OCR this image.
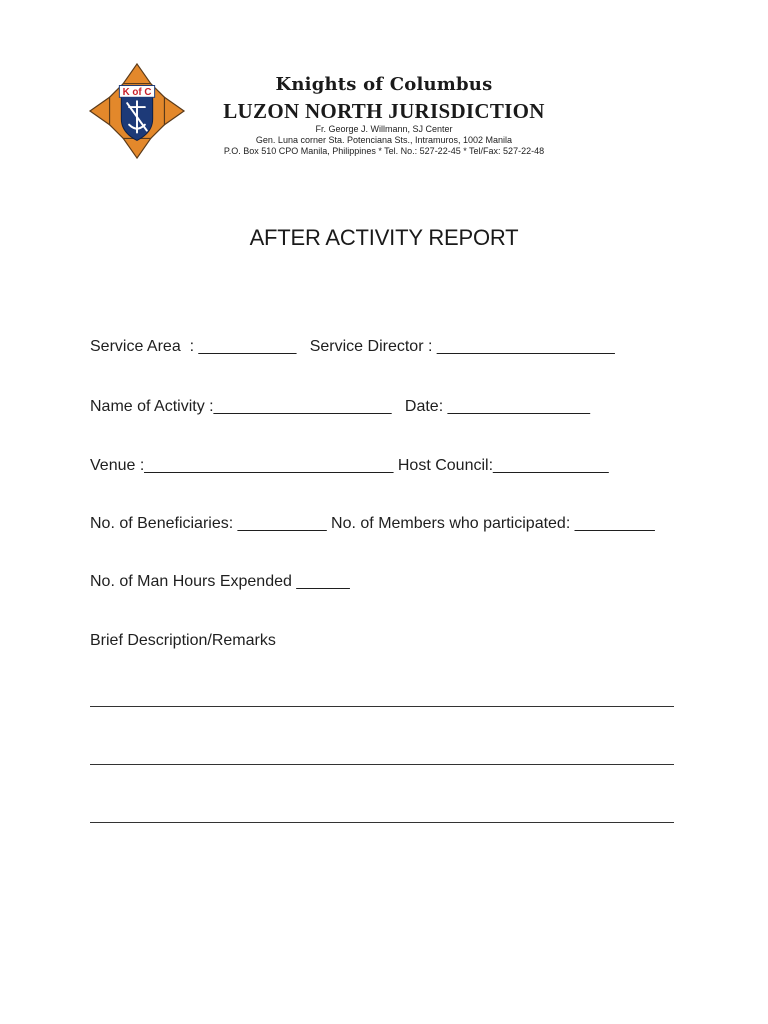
K of C	Knights of Columbus
LUZON NORTH JURISDICTION
Fr. George J. Willmann, SJ Center
Gen. Luna corner Sta. Potenciana Sts., Intramuros, 1002 Manila
P.O. Box 510 CPO Manila, Philippines * Tel. No.: 527-22-45 * Tel/Fax: 527-22-48
AFTER ACTIVITY REPORT
Service Area  : ___________   Service Director : ____________________
Name of Activity :____________________   Date: ________________
Venue :____________________________ Host Council:_____________
No. of Beneficiaries: __________ No. of Members who participated: _________
No. of Man Hours Expended ______
Brief Description/Remarks
